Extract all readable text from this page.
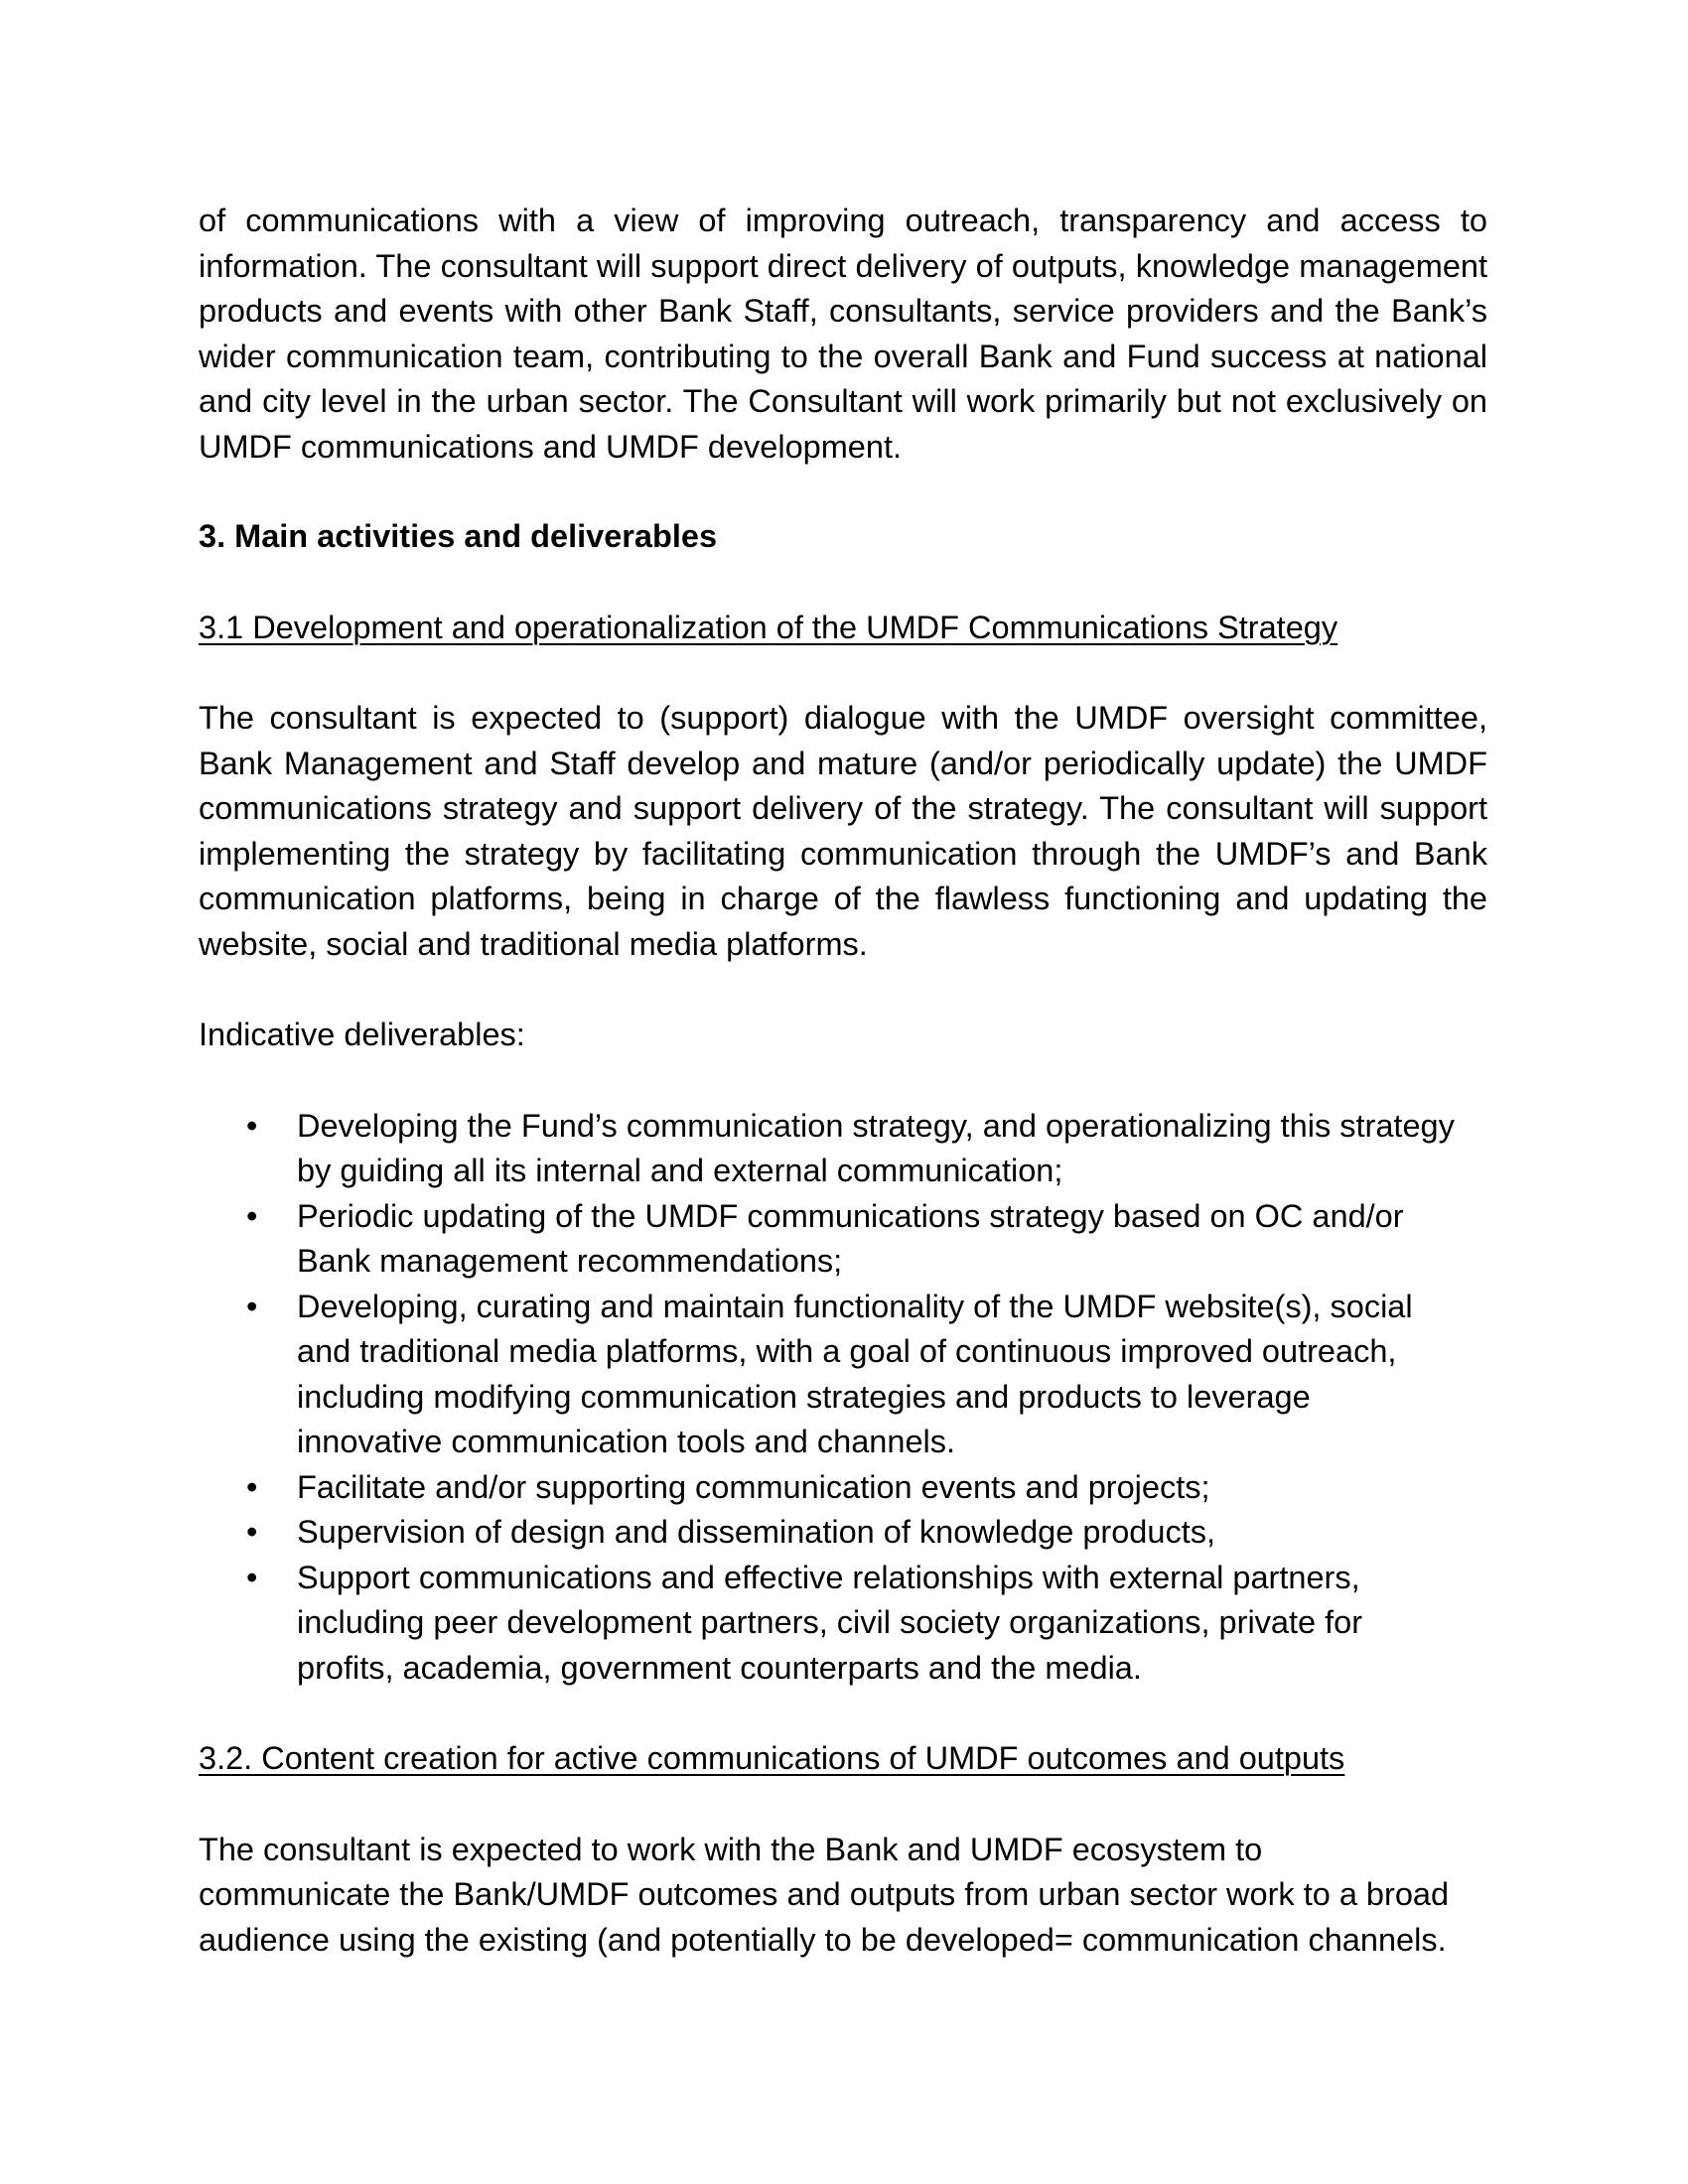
of communications with a view of improving outreach, transparency and access to information. The consultant will support direct delivery of outputs, knowledge management products and events with other Bank Staff, consultants, service providers and the Bank’s wider communication team, contributing to the overall Bank and Fund success at national and city level in the urban sector. The Consultant will work primarily but not exclusively on UMDF communications and UMDF development.

3. Main activities and deliverables

3.1 Development and operationalization of the UMDF Communications Strategy

The consultant is expected to (support) dialogue with the UMDF oversight committee, Bank Management and Staff develop and mature (and/or periodically update) the UMDF communications strategy and support delivery of the strategy. The consultant will support implementing the strategy by facilitating communication through the UMDF’s and Bank communication platforms, being in charge of the flawless functioning and updating the website, social and traditional media platforms.

Indicative deliverables:

• Developing the Fund’s communication strategy, and operationalizing this strategy
by guiding all its internal and external communication;
• Periodic updating of the UMDF communications strategy based on OC and/or
Bank management recommendations;
• Developing, curating and maintain functionality of the UMDF website(s), social
and traditional media platforms, with a goal of continuous improved outreach,
including modifying communication strategies and products to leverage
innovative communication tools and channels.
• Facilitate and/or supporting communication events and projects;
• Supervision of design and dissemination of knowledge products,
• Support communications and effective relationships with external partners,
including peer development partners, civil society organizations, private for
profits, academia, government counterparts and the media.

3.2. Content creation for active communications of UMDF outcomes and outputs

The consultant is expected to work with the Bank and UMDF ecosystem to
communicate the Bank/UMDF outcomes and outputs from urban sector work to a broad
audience using the existing (and potentially to be developed= communication channels.
